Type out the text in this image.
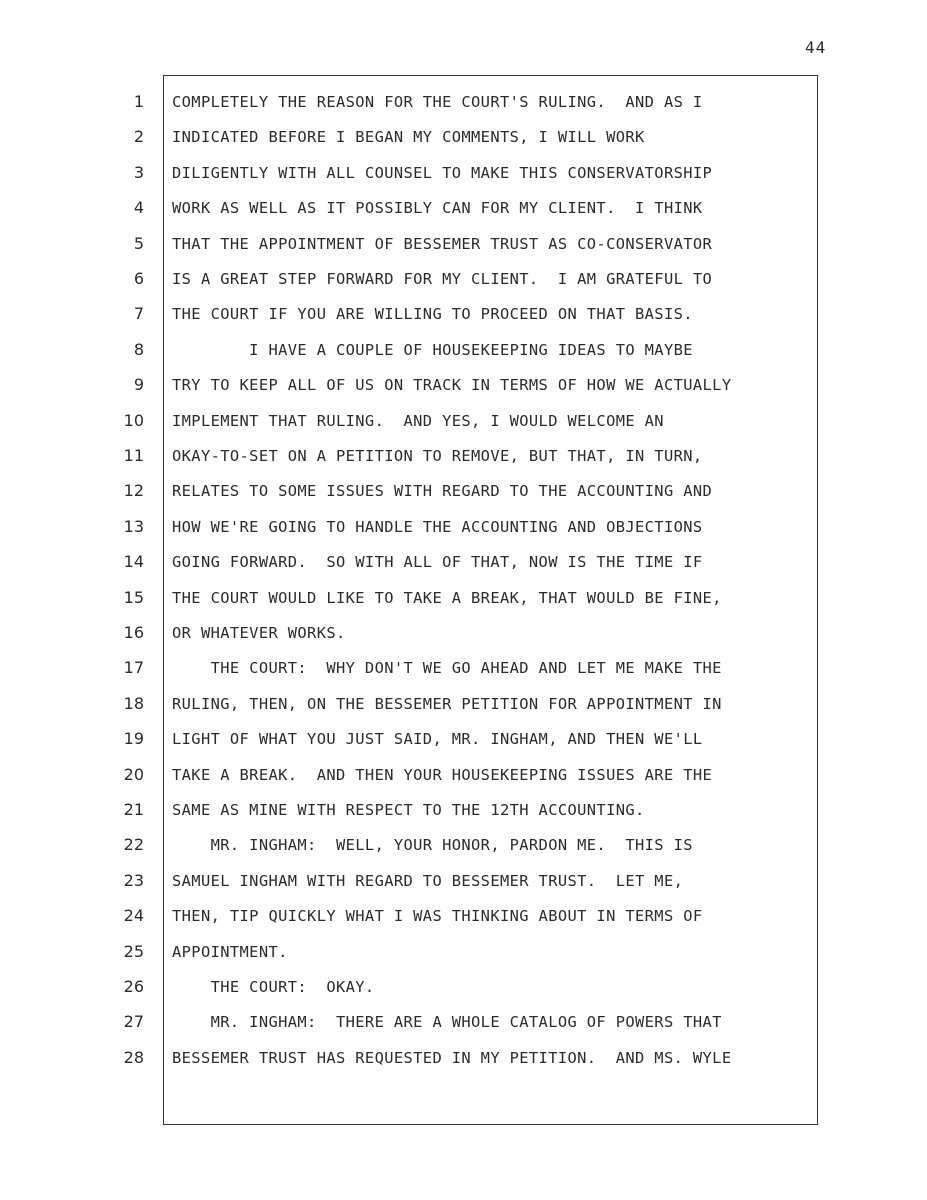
44
1
2
3
4
5
6
7
8
9
10
11
12
13
14
15
16
17
18
19
20
21
22
23
24
25
26
27
28
COMPLETELY THE REASON FOR THE COURT'S RULING.  AND AS I
INDICATED BEFORE I BEGAN MY COMMENTS, I WILL WORK
DILIGENTLY WITH ALL COUNSEL TO MAKE THIS CONSERVATORSHIP
WORK AS WELL AS IT POSSIBLY CAN FOR MY CLIENT.  I THINK
THAT THE APPOINTMENT OF BESSEMER TRUST AS CO-CONSERVATOR
IS A GREAT STEP FORWARD FOR MY CLIENT.  I AM GRATEFUL TO
THE COURT IF YOU ARE WILLING TO PROCEED ON THAT BASIS.
I HAVE A COUPLE OF HOUSEKEEPING IDEAS TO MAYBE
TRY TO KEEP ALL OF US ON TRACK IN TERMS OF HOW WE ACTUALLY
IMPLEMENT THAT RULING.  AND YES, I WOULD WELCOME AN
OKAY-TO-SET ON A PETITION TO REMOVE, BUT THAT, IN TURN,
RELATES TO SOME ISSUES WITH REGARD TO THE ACCOUNTING AND
HOW WE'RE GOING TO HANDLE THE ACCOUNTING AND OBJECTIONS
GOING FORWARD.  SO WITH ALL OF THAT, NOW IS THE TIME IF
THE COURT WOULD LIKE TO TAKE A BREAK, THAT WOULD BE FINE,
OR WHATEVER WORKS.
THE COURT:  WHY DON'T WE GO AHEAD AND LET ME MAKE THE
RULING, THEN, ON THE BESSEMER PETITION FOR APPOINTMENT IN
LIGHT OF WHAT YOU JUST SAID, MR. INGHAM, AND THEN WE'LL
TAKE A BREAK.  AND THEN YOUR HOUSEKEEPING ISSUES ARE THE
SAME AS MINE WITH RESPECT TO THE 12TH ACCOUNTING.
MR. INGHAM:  WELL, YOUR HONOR, PARDON ME.  THIS IS
SAMUEL INGHAM WITH REGARD TO BESSEMER TRUST.  LET ME,
THEN, TIP QUICKLY WHAT I WAS THINKING ABOUT IN TERMS OF
APPOINTMENT.
THE COURT:  OKAY.
MR. INGHAM:  THERE ARE A WHOLE CATALOG OF POWERS THAT
BESSEMER TRUST HAS REQUESTED IN MY PETITION.  AND MS. WYLE
